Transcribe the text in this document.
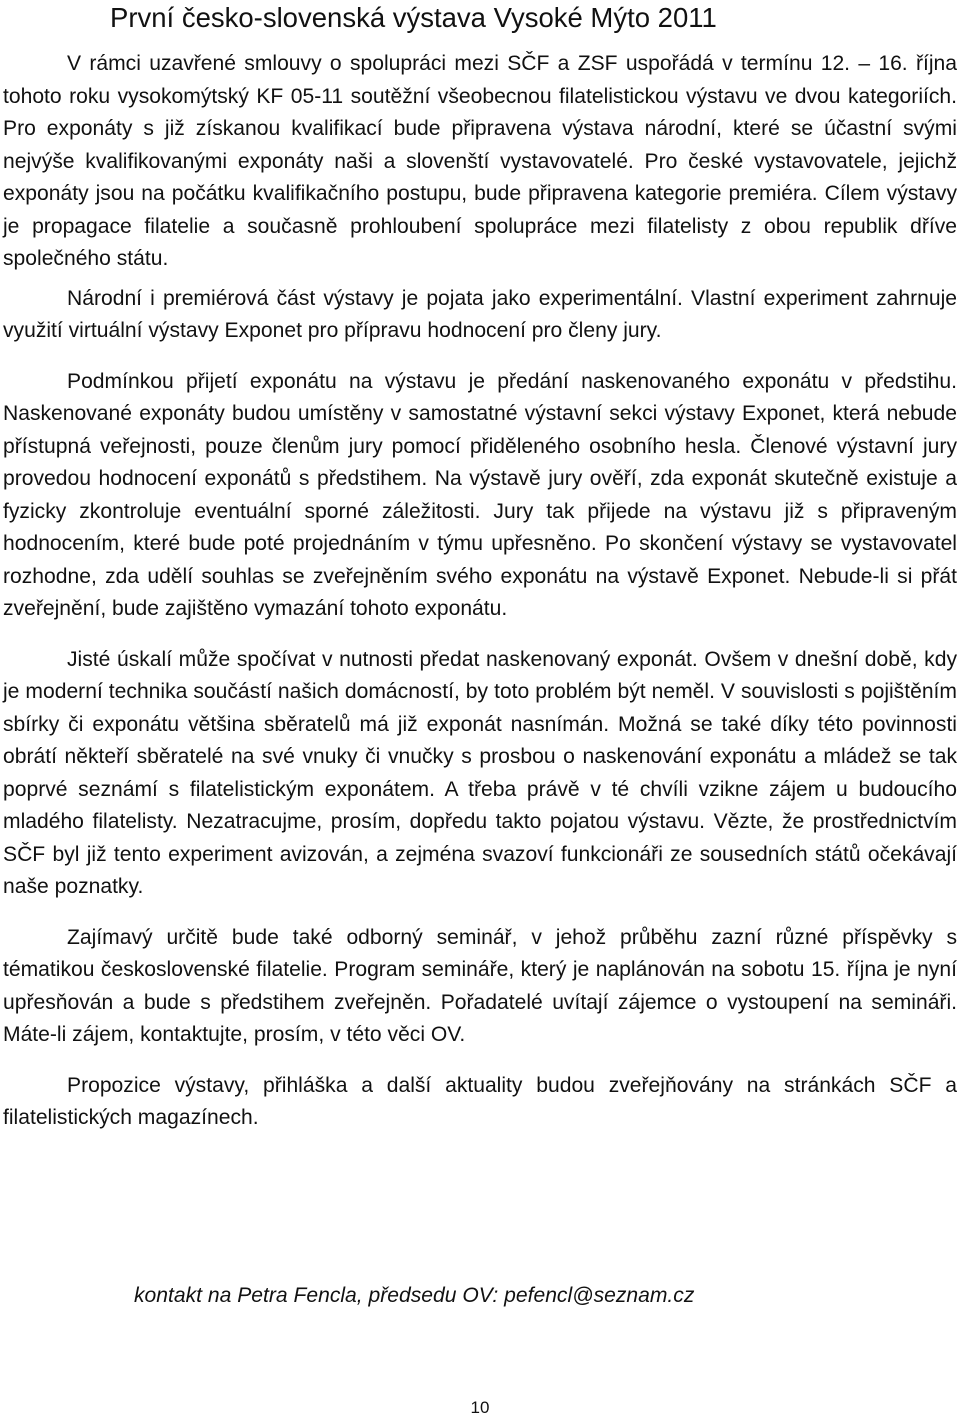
První česko-slovenská výstava Vysoké Mýto 2011

V rámci uzavřené smlouvy o spolupráci mezi SČF a ZSF uspořádá v termínu 12. – 16. října tohoto roku vysokomýtský KF 05-11 soutěžní všeobecnou filatelistickou výstavu ve dvou kategoriích. Pro exponáty s již získanou kvalifikací bude připravena výstava národní, které se účastní svými nejvýše kvalifikovanými exponáty naši a slovenští vystavovatelé. Pro české vystavovatele, jejichž exponáty jsou na počátku kvalifikačního postupu, bude připravena kategorie premiéra. Cílem výstavy je propagace filatelie a současně prohloubení spolupráce mezi filatelisty z obou republik dříve společného státu.

Národní i premiérová část výstavy je pojata jako experimentální. Vlastní experiment zahrnuje využití virtuální výstavy Exponet pro přípravu hodnocení pro členy jury.

Podmínkou přijetí exponátu na výstavu je předání naskenovaného exponátu v předstihu. Naskenované exponáty budou umístěny v samostatné výstavní sekci výstavy Exponet, která nebude přístupná veřejnosti, pouze členům jury pomocí přiděleného osobního hesla. Členové výstavní jury provedou hodnocení exponátů s předstihem. Na výstavě jury ověří, zda exponát skutečně existuje a fyzicky zkontroluje eventuální sporné záležitosti. Jury tak přijede na výstavu již s připraveným hodnocením, které bude poté projednáním v týmu upřesněno. Po skončení výstavy se vystavovatel rozhodne, zda udělí souhlas se zveřejněním svého exponátu na výstavě Exponet. Nebude-li si přát zveřejnění, bude zajištěno vymazání tohoto exponátu.

Jisté úskalí může spočívat v nutnosti předat naskenovaný exponát. Ovšem v dnešní době, kdy je moderní technika součástí našich domácností, by toto problém být neměl. V souvislosti s pojištěním sbírky či exponátu většina sběratelů má již exponát nasnímán. Možná se také díky této povinnosti obrátí někteří sběratelé na své vnuky či vnučky s prosbou o naskenování exponátu a mládež se tak poprvé seznámí s filatelistickým exponátem. A třeba právě v té chvíli vzikne zájem u budoucího mladého filatelisty. Nezatracujme, prosím, dopředu takto pojatou výstavu. Vězte, že prostřednictvím SČF byl již tento experiment avizován, a zejména svazoví funkcionáři ze sousedních států očekávají naše poznatky.

Zajímavý určitě bude také odborný seminář, v jehož průběhu zazní různé příspěvky s tématikou československé filatelie. Program semináře, který je naplánován na sobotu 15. října je nyní upřesňován a bude s předstihem zveřejněn. Pořadatelé uvítají zájemce o vystoupení na semináři. Máte-li zájem, kontaktujte, prosím, v této věci OV.

Propozice výstavy, přihláška a další aktuality budou zveřejňovány na stránkách SČF a filatelistických magazínech.

kontakt na Petra Fencla, předsedu OV: pefencl@seznam.cz
10
